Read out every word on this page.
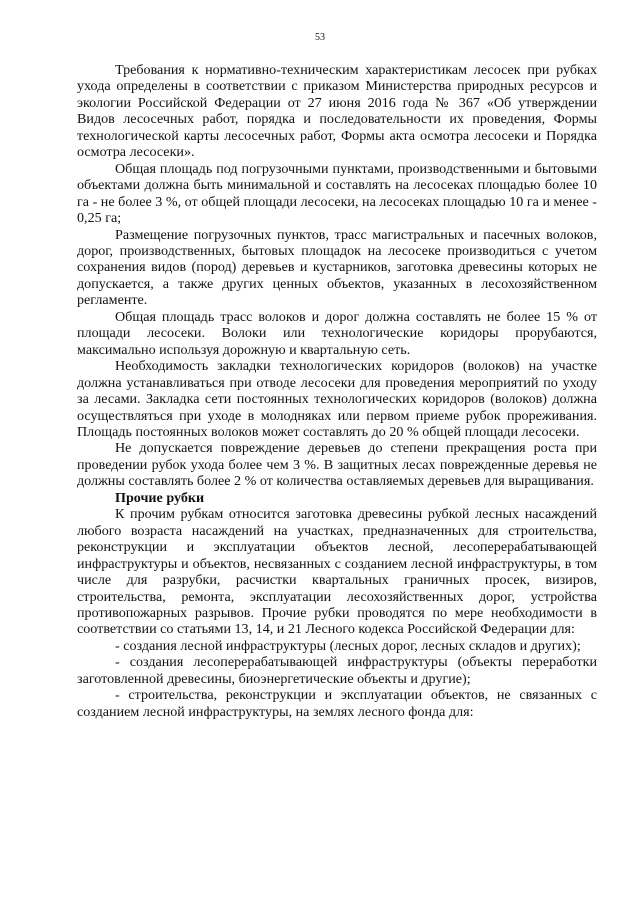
53

Требования к нормативно-техническим характеристикам лесосек при рубках ухода определены в соответствии с приказом Министерства природных ресурсов и экологии Российской Федерации от 27 июня 2016 года № 367 «Об утверждении Видов лесосечных работ, порядка и последовательности их проведения, Формы технологической карты лесосечных работ, Формы акта осмотра лесосеки и Порядка осмотра лесосеки».

Общая площадь под погрузочными пунктами, производственными и бытовыми объектами должна быть минимальной и составлять на лесосеках площадью более 10 га - не более 3 %, от общей площади лесосеки, на лесосеках площадью 10 га и менее - 0,25 га;

Размещение погрузочных пунктов, трасс магистральных и пасечных волоков, дорог, производственных, бытовых площадок на лесосеке производиться с учетом сохранения видов (пород) деревьев и кустарников, заготовка древесины которых не допускается, а также других ценных объектов, указанных в лесохозяйственном регламенте.

Общая площадь трасс волоков и дорог должна составлять не более 15 % от площади лесосеки. Волоки или технологические коридоры прорубаются, максимально используя дорожную и квартальную сеть.

Необходимость закладки технологических коридоров (волоков) на участке должна устанавливаться при отводе лесосеки для проведения мероприятий по уходу за лесами. Закладка сети постоянных технологических коридоров (волоков) должна осуществляться при уходе в молодняках или первом приеме рубок прореживания. Площадь постоянных волоков может составлять до 20 % общей площади лесосеки.

Не допускается повреждение деревьев до степени прекращения роста при проведении рубок ухода более чем 3 %. В защитных лесах поврежденные деревья не должны составлять более 2 % от количества оставляемых деревьев для выращивания.

Прочие рубки

К прочим рубкам относится заготовка древесины рубкой лесных насаждений любого возраста насаждений на участках, предназначенных для строительства, реконструкции и эксплуатации объектов лесной, лесоперерабатывающей инфраструктуры и объектов, несвязанных с созданием лесной инфраструктуры, в том числе для разрубки, расчистки квартальных граничных просек, визиров, строительства, ремонта, эксплуатации лесохозяйственных дорог, устройства противопожарных разрывов. Прочие рубки проводятся по мере необходимости в соответствии со статьями 13, 14, и 21 Лесного кодекса Российской Федерации для:

- создания лесной инфраструктуры (лесных дорог, лесных складов и других);

- создания лесоперерабатывающей инфраструктуры (объекты переработки заготовленной древесины, биоэнергетические объекты и другие);

- строительства, реконструкции и эксплуатации объектов, не связанных с созданием лесной инфраструктуры, на землях лесного фонда для:
